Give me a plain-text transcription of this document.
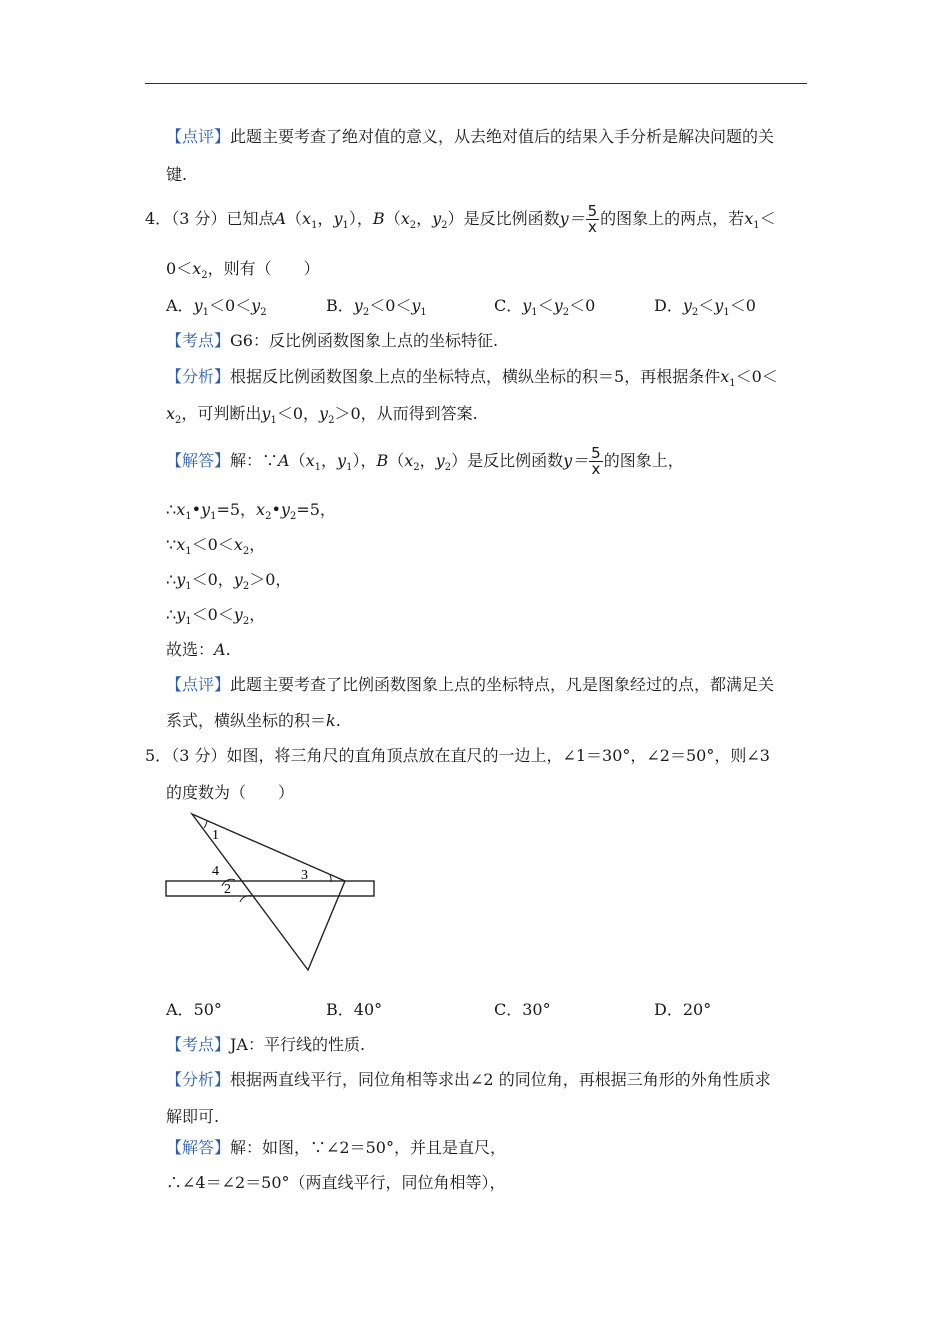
【点评】此题主要考查了绝对值的意义，从去绝对值后的结果入手分析是解决问题的关
键.
4．（3 分）已知点$A(x_1$，$y_1$），$B(x_2$，$y_2$）是反比例函数$y= \frac{5}{x}$ 的图象上的两点，若$x_1<$
$0<x_2$，则有（　　）
A．$y_1<0<y_2$	B．$y_2<0<y_1$	C．$y_1<y_2<0$	D．$y_2<y_1<0$
【考点】G6：反比例函数图象上点的坐标特征.
【分析】根据反比例函数图象上点的坐标特点，横纵坐标的积＝5，再根据条件$x_1<0<$
$x_2$，可判断出$y_1<0$，$y_2>0$，从而得到答案.
【解答】解：$\because A(x_1$，$y_1$），$B(x_2$，$y_2$）是反比例函数$y= \frac{5}{x}$ 的图象上，
$\therefore x_1•y_1=5$，$x_2•y_2=5$，
$\because x_1<0<x_2$，
$\therefore y_1<0$，$y_2>0$，
$\therefore y_1<0<y_2$，
故选：A.
【点评】此题主要考查了比例函数图象上点的坐标特点，凡是图象经过的点，都满足关
系式，横纵坐标的积＝k.
5．（3 分）如图，将三角尺的直角顶点放在直尺的一边上，∠1＝30°，∠2＝50°，则∠3
的度数为（　　）
1
4
2
3
A．50°	B．40°	C．30°	D．20°
【考点】JA：平行线的性质.
【分析】根据两直线平行，同位角相等求出∠2 的同位角，再根据三角形的外角性质求
解即可.
【解答】解：如图，∵∠2＝50°，并且是直尺，
∴∠4＝∠2＝50°（两直线平行，同位角相等），
